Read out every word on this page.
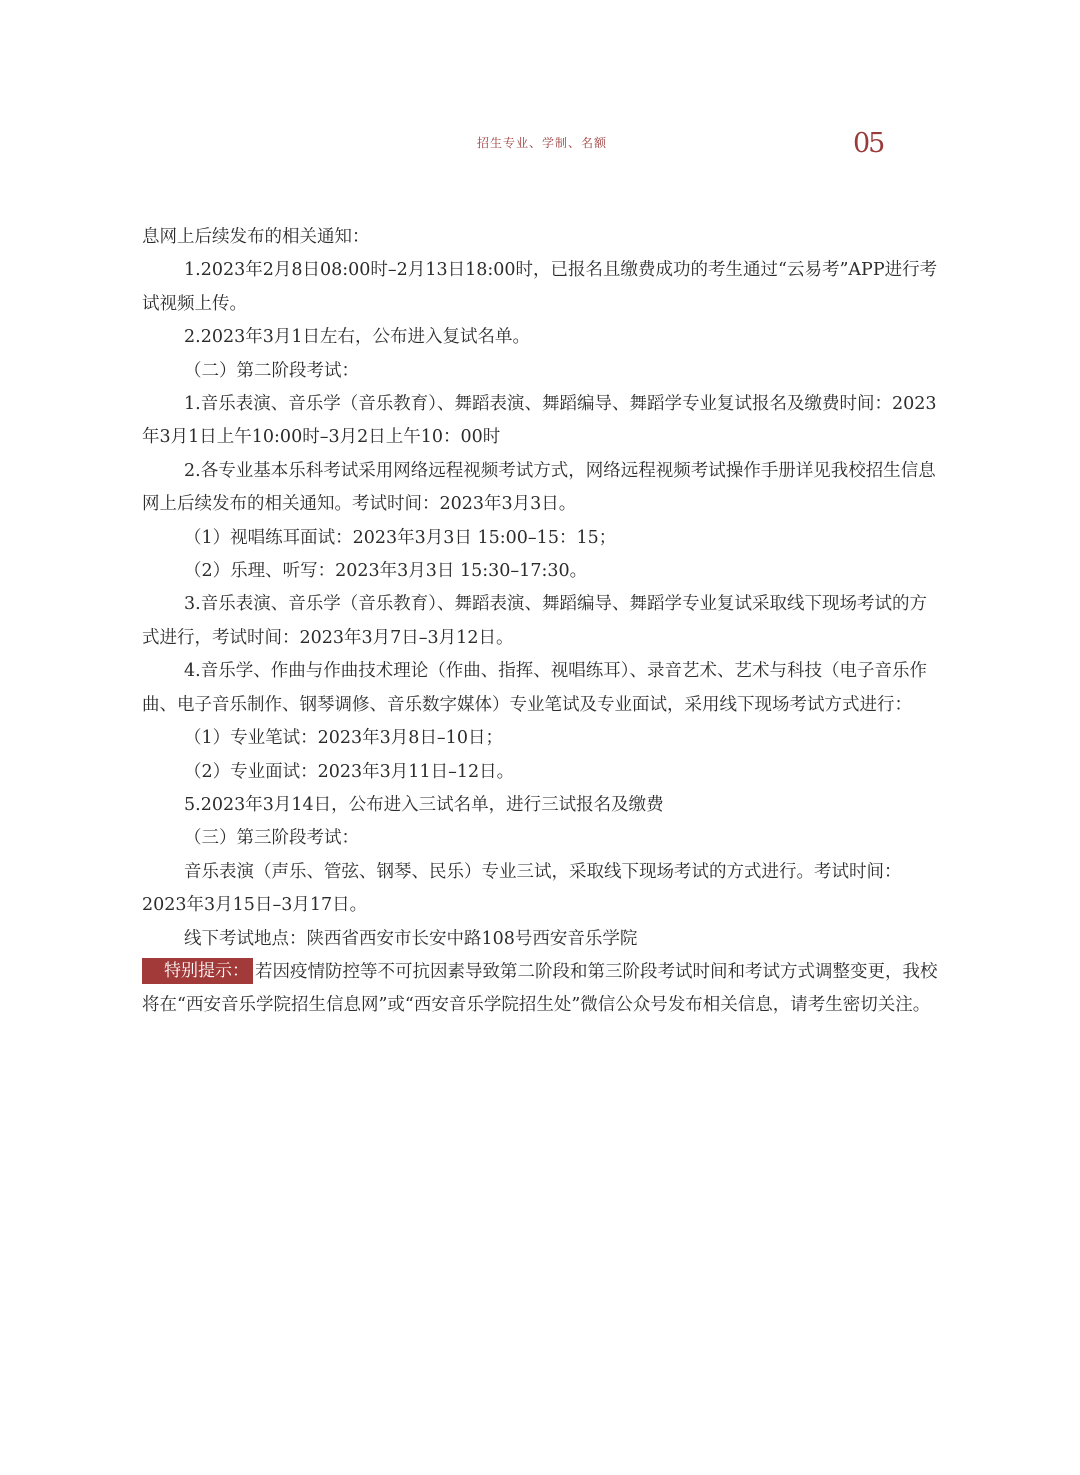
招生专业、学制、名额	05

息网上后续发布的相关通知：

1.2023年2月8日08:00时–2月13日18:00时，已报名且缴费成功的考生通过“云易考”APP进行考试视频上传。

2.2023年3月1日左右，公布进入复试名单。

（二）第二阶段考试：

1.音乐表演、音乐学（音乐教育）、舞蹈表演、舞蹈编导、舞蹈学专业复试报名及缴费时间：2023年3月1日上午10:00时–3月2日上午10：00时

2.各专业基本乐科考试采用网络远程视频考试方式，网络远程视频考试操作手册详见我校招生信息网上后续发布的相关通知。考试时间：2023年3月3日。

（1）视唱练耳面试：2023年3月3日 15:00–15：15；

（2）乐理、听写：2023年3月3日 15:30–17:30。

3.音乐表演、音乐学（音乐教育）、舞蹈表演、舞蹈编导、舞蹈学专业复试采取线下现场考试的方式进行，考试时间：2023年3月7日–3月12日。

4.音乐学、作曲与作曲技术理论（作曲、指挥、视唱练耳）、录音艺术、艺术与科技（电子音乐作曲、电子音乐制作、钢琴调修、音乐数字媒体）专业笔试及专业面试，采用线下现场考试方式进行：

（1）专业笔试：2023年3月8日–10日；

（2）专业面试：2023年3月11日–12日。

5.2023年3月14日，公布进入三试名单，进行三试报名及缴费

（三）第三阶段考试：

音乐表演（声乐、管弦、钢琴、民乐）专业三试，采取线下现场考试的方式进行。考试时间：2023年3月15日–3月17日。

线下考试地点：陕西省西安市长安中路108号西安音乐学院

特别提示： 若因疫情防控等不可抗因素导致第二阶段和第三阶段考试时间和考试方式调整变更，我校将在“西安音乐学院招生信息网”或“西安音乐学院招生处”微信公众号发布相关信息，请考生密切关注。
